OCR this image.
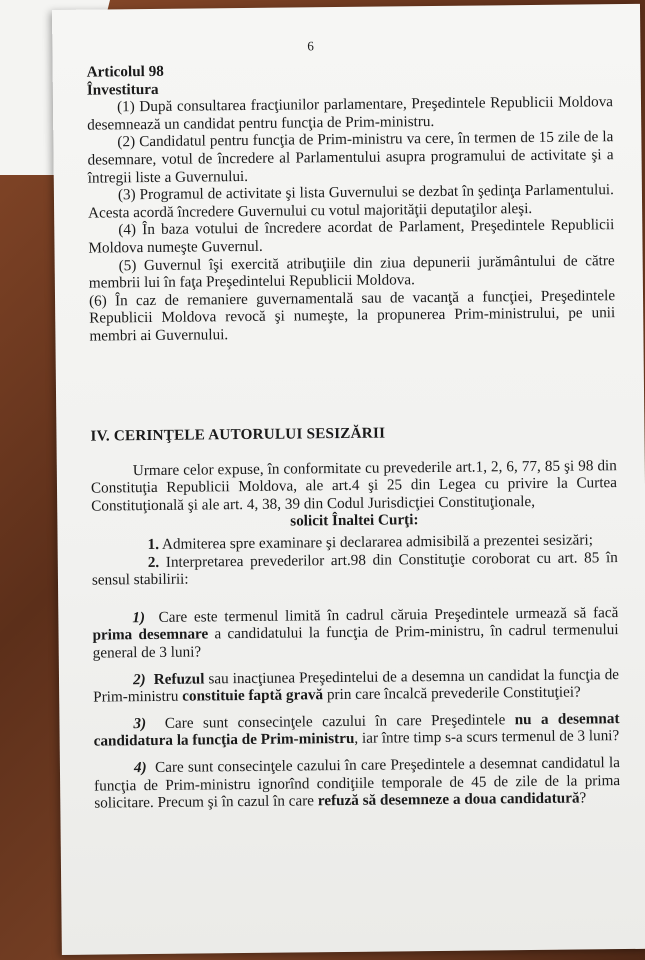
6

Articolul 98

Învestitura

(1) După consultarea fracţiunilor parlamentare, Preşedintele Republicii Moldova desemnează un candidat pentru funcţia de Prim-ministru.

(2) Candidatul pentru funcţia de Prim-ministru va cere, în termen de 15 zile de la desemnare, votul de încredere al Parlamentului asupra programului de activitate şi a întregii liste a Guvernului.

(3) Programul de activitate şi lista Guvernului se dezbat în şedinţa Parlamentului. Acesta acordă încredere Guvernului cu votul majorităţii deputaţilor aleşi.

(4) În baza votului de încredere acordat de Parlament, Preşedintele Republicii Moldova numeşte Guvernul.

(5) Guvernul îşi exercită atribuţiile din ziua depunerii jurământului de către membrii lui în faţa Preşedintelui Republicii Moldova.

(6) În caz de remaniere guvernamentală sau de vacanţă a funcţiei, Preşedintele Republicii Moldova revocă şi numeşte, la propunerea Prim-ministrului, pe unii membri ai Guvernului.

IV. CERINŢELE AUTORULUI SESIZĂRII

Urmare celor expuse, în conformitate cu prevederile art.1, 2, 6, 77, 85 şi 98 din Constituţia Republicii Moldova, ale art.4 şi 25 din Legea cu privire la Curtea Constituţională şi ale art. 4, 38, 39 din Codul Jurisdicţiei Constituţionale,

solicit Înaltei Curţi:

1. Admiterea spre examinare şi declararea admisibilă a prezentei sesizări;

2. Interpretarea prevederilor art.98 din Constituţie coroborat cu art. 85 în sensul stabilirii:

1) Care este termenul limită în cadrul căruia Preşedintele urmează să facă prima desemnare a candidatului la funcţia de Prim-ministru, în cadrul termenului general de 3 luni?

2) Refuzul sau inacţiunea Preşedintelui de a desemna un candidat la funcţia de Prim-ministru constituie faptă gravă prin care încalcă prevederile Constituţiei?

3) Care sunt consecinţele cazului în care Preşedintele nu a desemnat candidatura la funcţia de Prim-ministru, iar între timp s-a scurs termenul de 3 luni?

4) Care sunt consecinţele cazului în care Preşedintele a desemnat candidatul la funcţia de Prim-ministru ignorînd condiţiile temporale de 45 de zile de la prima solicitare. Precum şi în cazul în care refuză să desemneze a doua candidatură?
